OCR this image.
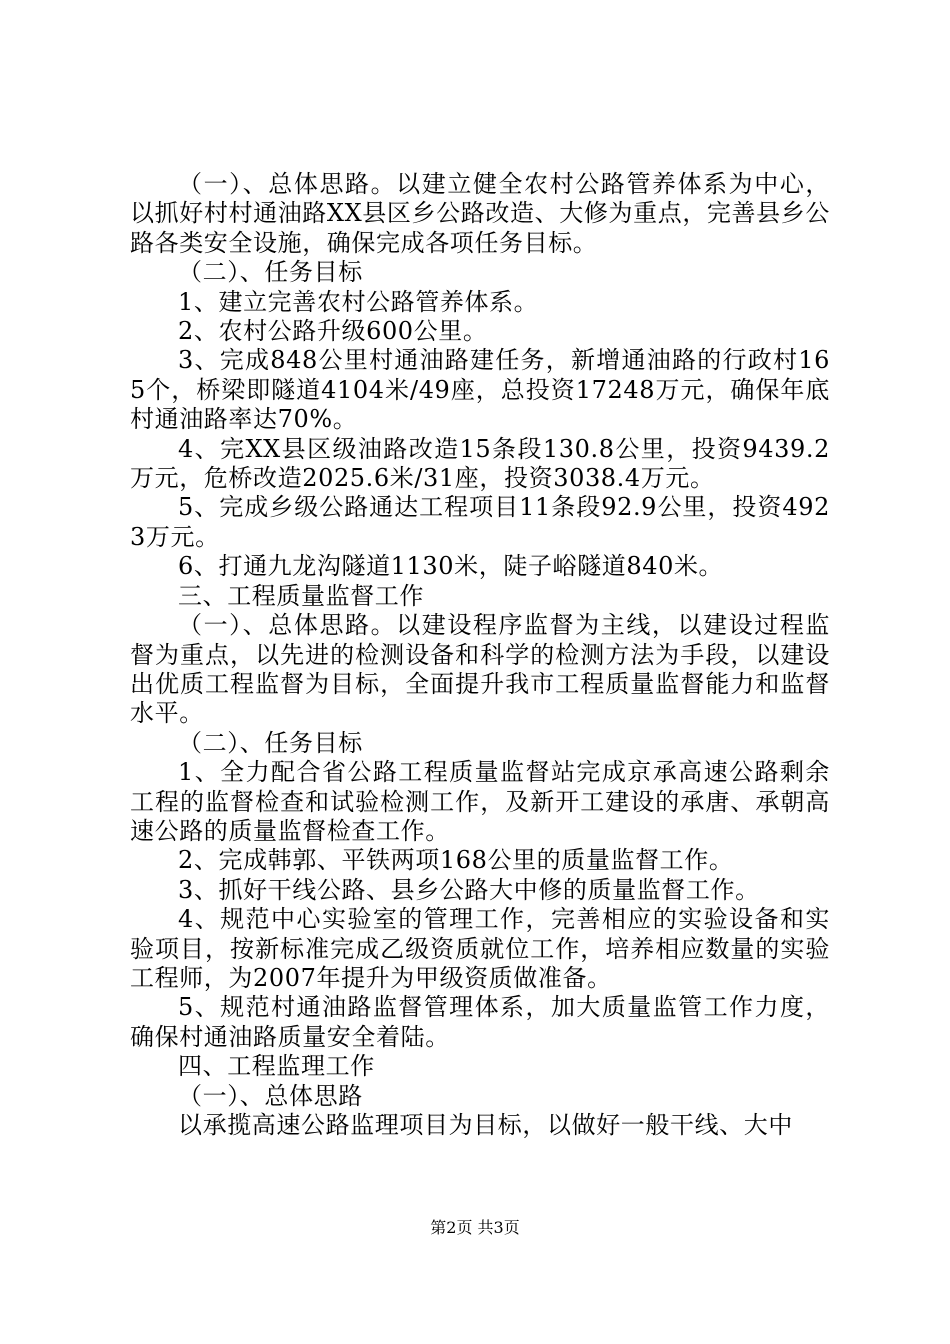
（一）、总体思路。以建立健全农村公路管养体系为中心，以抓好村村通油路XX县区乡公路改造、大修为重点，完善县乡公路各类安全设施，确保完成各项任务目标。

（二）、任务目标

1、建立完善农村公路管养体系。

2、农村公路升级600公里。

3、完成848公里村通油路建任务，新增通油路的行政村165个，桥梁即隧道4104米/49座，总投资17248万元，确保年底村通油路率达70%。

4、完XX县区级油路改造15条段130.8公里，投资9439.2万元，危桥改造2025.6米/31座，投资3038.4万元。

5、完成乡级公路通达工程项目11条段92.9公里，投资4923万元。

6、打通九龙沟隧道1130米，陡子峪隧道840米。

三、工程质量监督工作

（一）、总体思路。以建设程序监督为主线，以建设过程监督为重点，以先进的检测设备和科学的检测方法为手段，以建设出优质工程监督为目标，全面提升我市工程质量监督能力和监督水平。

（二）、任务目标

1、全力配合省公路工程质量监督站完成京承高速公路剩余工程的监督检查和试验检测工作，及新开工建设的承唐、承朝高速公路的质量监督检查工作。

2、完成韩郭、平铁两项168公里的质量监督工作。

3、抓好干线公路、县乡公路大中修的质量监督工作。

4、规范中心实验室的管理工作，完善相应的实验设备和实验项目，按新标准完成乙级资质就位工作，培养相应数量的实验工程师，为2007年提升为甲级资质做准备。

5、规范村通油路监督管理体系，加大质量监管工作力度，确保村通油路质量安全着陆。

四、工程监理工作

（一）、总体思路

以承揽高速公路监理项目为目标，以做好一般干线、大中

第2页 共3页
